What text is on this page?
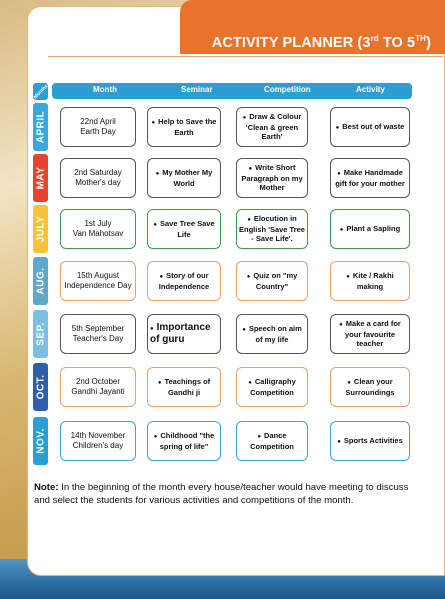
ACTIVITY PLANNER (3rd TO 5TH)
Months	Month	Seminar	Competition	Activity
APRIL	22nd April
Earth Day
● Help to Save the Earth
● Draw & Colour 'Clean & green Earth'
● Best out of waste
MAY	2nd Saturday
Mother's day
● My Mother My World
● Write Short Paragraph on my Mother
● Make Handmade gift for your mother
JULY	1st July
Van Mahotsav
● Save Tree Save Life
● Elocution in English 'Save Tree - Save Life'.
● Plant a Sapling
AUG.	15th August
Independence Day
● Story of our Independence
● Quiz on "my Country"
● Kite / Rakhi making
SEP.	5th September
Teacher's Day
● Importance of guru
● Speech on aim of my life
● Make a card for your favourite teacher
OCT.	2nd October
Gandhi Jayanti
● Teachings of Gandhi ji
● Calligraphy Competition
● Clean your Surroundings
NOV.	14th November
Children's day
● Childhood "the spring of life"
● Dance Competition
● Sports Activities
Note: In the beginning of the month every house/teacher would have meeting to discuss and select the students for various activities and competitions of the month.
